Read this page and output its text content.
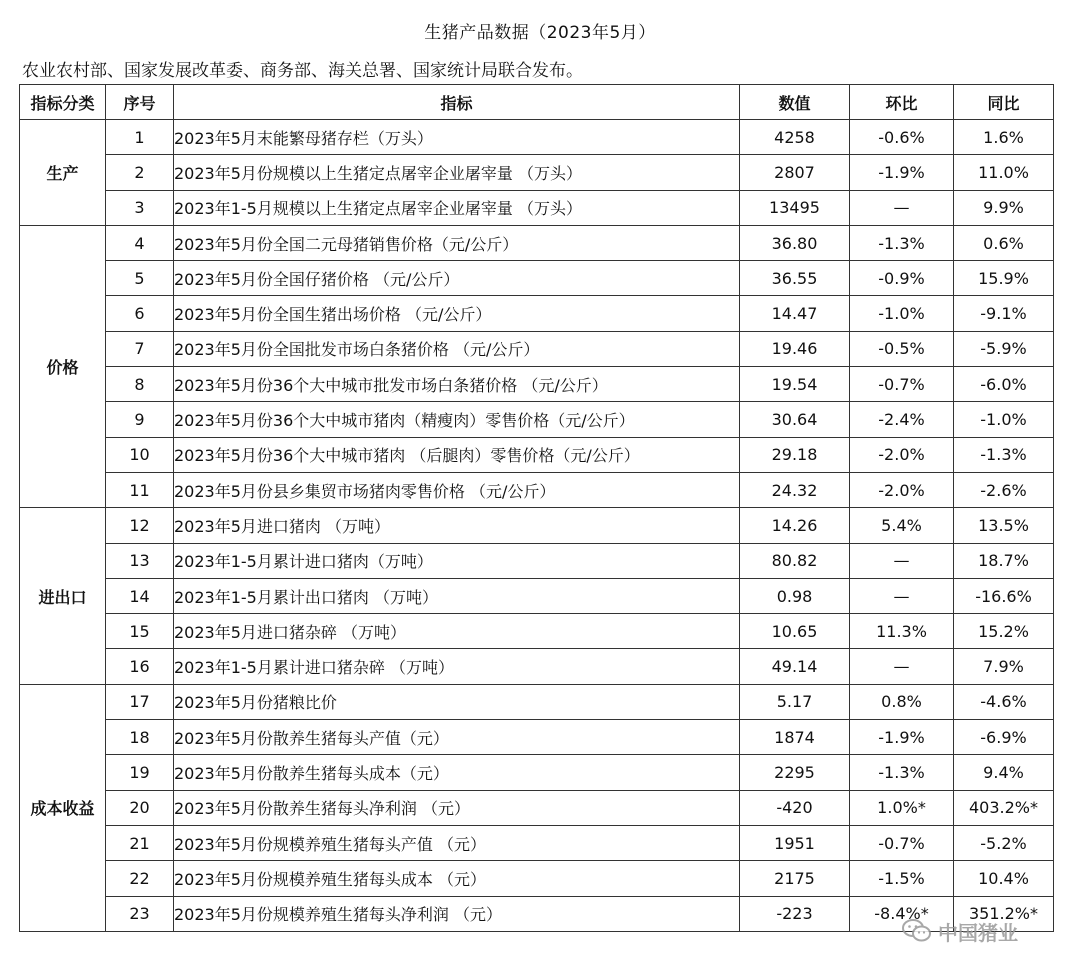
生猪产品数据（2023年5月）
农业农村部、国家发展改革委、商务部、海关总署、国家统计局联合发布。
指标分类	序号	指标	数值	环比	同比
生产	1	2023年5月末能繁母猪存栏（万头）	4258	-0.6%	1.6%
	2	2023年5月份规模以上生猪定点屠宰企业屠宰量 （万头）	2807	-1.9%	11.0%
	3	2023年1-5月规模以上生猪定点屠宰企业屠宰量 （万头）	13495	—	9.9%
价格	4	2023年5月份全国二元母猪销售价格（元/公斤）	36.80	-1.3%	0.6%
	5	2023年5月份全国仔猪价格 （元/公斤）	36.55	-0.9%	15.9%
	6	2023年5月份全国生猪出场价格 （元/公斤）	14.47	-1.0%	-9.1%
	7	2023年5月份全国批发市场白条猪价格 （元/公斤）	19.46	-0.5%	-5.9%
	8	2023年5月份36个大中城市批发市场白条猪价格 （元/公斤）	19.54	-0.7%	-6.0%
	9	2023年5月份36个大中城市猪肉（精瘦肉）零售价格（元/公斤）	30.64	-2.4%	-1.0%
	10	2023年5月份36个大中城市猪肉 （后腿肉）零售价格（元/公斤）	29.18	-2.0%	-1.3%
	11	2023年5月份县乡集贸市场猪肉零售价格 （元/公斤）	24.32	-2.0%	-2.6%
进出口	12	2023年5月进口猪肉 （万吨）	14.26	5.4%	13.5%
	13	2023年1-5月累计进口猪肉（万吨）	80.82	—	18.7%
	14	2023年1-5月累计出口猪肉 （万吨）	0.98	—	-16.6%
	15	2023年5月进口猪杂碎 （万吨）	10.65	11.3%	15.2%
	16	2023年1-5月累计进口猪杂碎 （万吨）	49.14	—	7.9%
成本收益	17	2023年5月份猪粮比价	5.17	0.8%	-4.6%
	18	2023年5月份散养生猪每头产值（元）	1874	-1.9%	-6.9%
	19	2023年5月份散养生猪每头成本（元）	2295	-1.3%	9.4%
	20	2023年5月份散养生猪每头净利润 （元）	-420	1.0%*	403.2%*
	21	2023年5月份规模养殖生猪每头产值 （元）	1951	-0.7%	-5.2%
	22	2023年5月份规模养殖生猪每头成本 （元）	2175	-1.5%	10.4%
	23	2023年5月份规模养殖生猪每头净利润 （元）	-223	-8.4%*	351.2%*
中国猪业
